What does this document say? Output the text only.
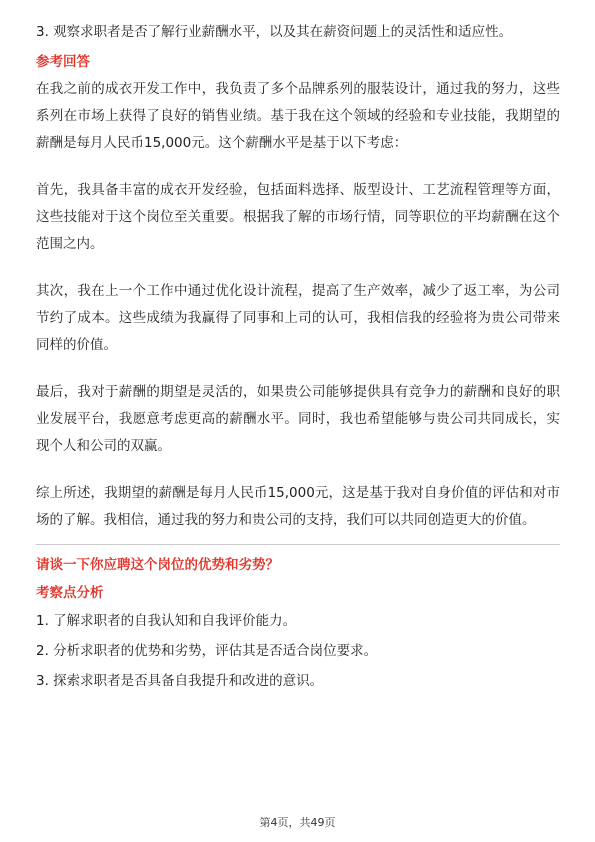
3. 观察求职者是否了解行业薪酬水平，以及其在薪资问题上的灵活性和适应性。

参考回答

在我之前的成衣开发工作中，我负责了多个品牌系列的服装设计，通过我的努力，这些系列在市场上获得了良好的销售业绩。基于我在这个领域的经验和专业技能，我期望的薪酬是每月人民币15,000元。这个薪酬水平是基于以下考虑：

首先，我具备丰富的成衣开发经验，包括面料选择、版型设计、工艺流程管理等方面，这些技能对于这个岗位至关重要。根据我了解的市场行情，同等职位的平均薪酬在这个范围之内。

其次，我在上一个工作中通过优化设计流程，提高了生产效率，减少了返工率，为公司节约了成本。这些成绩为我赢得了同事和上司的认可，我相信我的经验将为贵公司带来同样的价值。

最后，我对于薪酬的期望是灵活的，如果贵公司能够提供具有竞争力的薪酬和良好的职业发展平台，我愿意考虑更高的薪酬水平。同时，我也希望能够与贵公司共同成长，实现个人和公司的双赢。

综上所述，我期望的薪酬是每月人民币15,000元，这是基于我对自身价值的评估和对市场的了解。我相信，通过我的努力和贵公司的支持，我们可以共同创造更大的价值。

请谈一下你应聘这个岗位的优势和劣势？

考察点分析

1. 了解求职者的自我认知和自我评价能力。

2. 分析求职者的优势和劣势，评估其是否适合岗位要求。

3. 探索求职者是否具备自我提升和改进的意识。

第4页，共49页
